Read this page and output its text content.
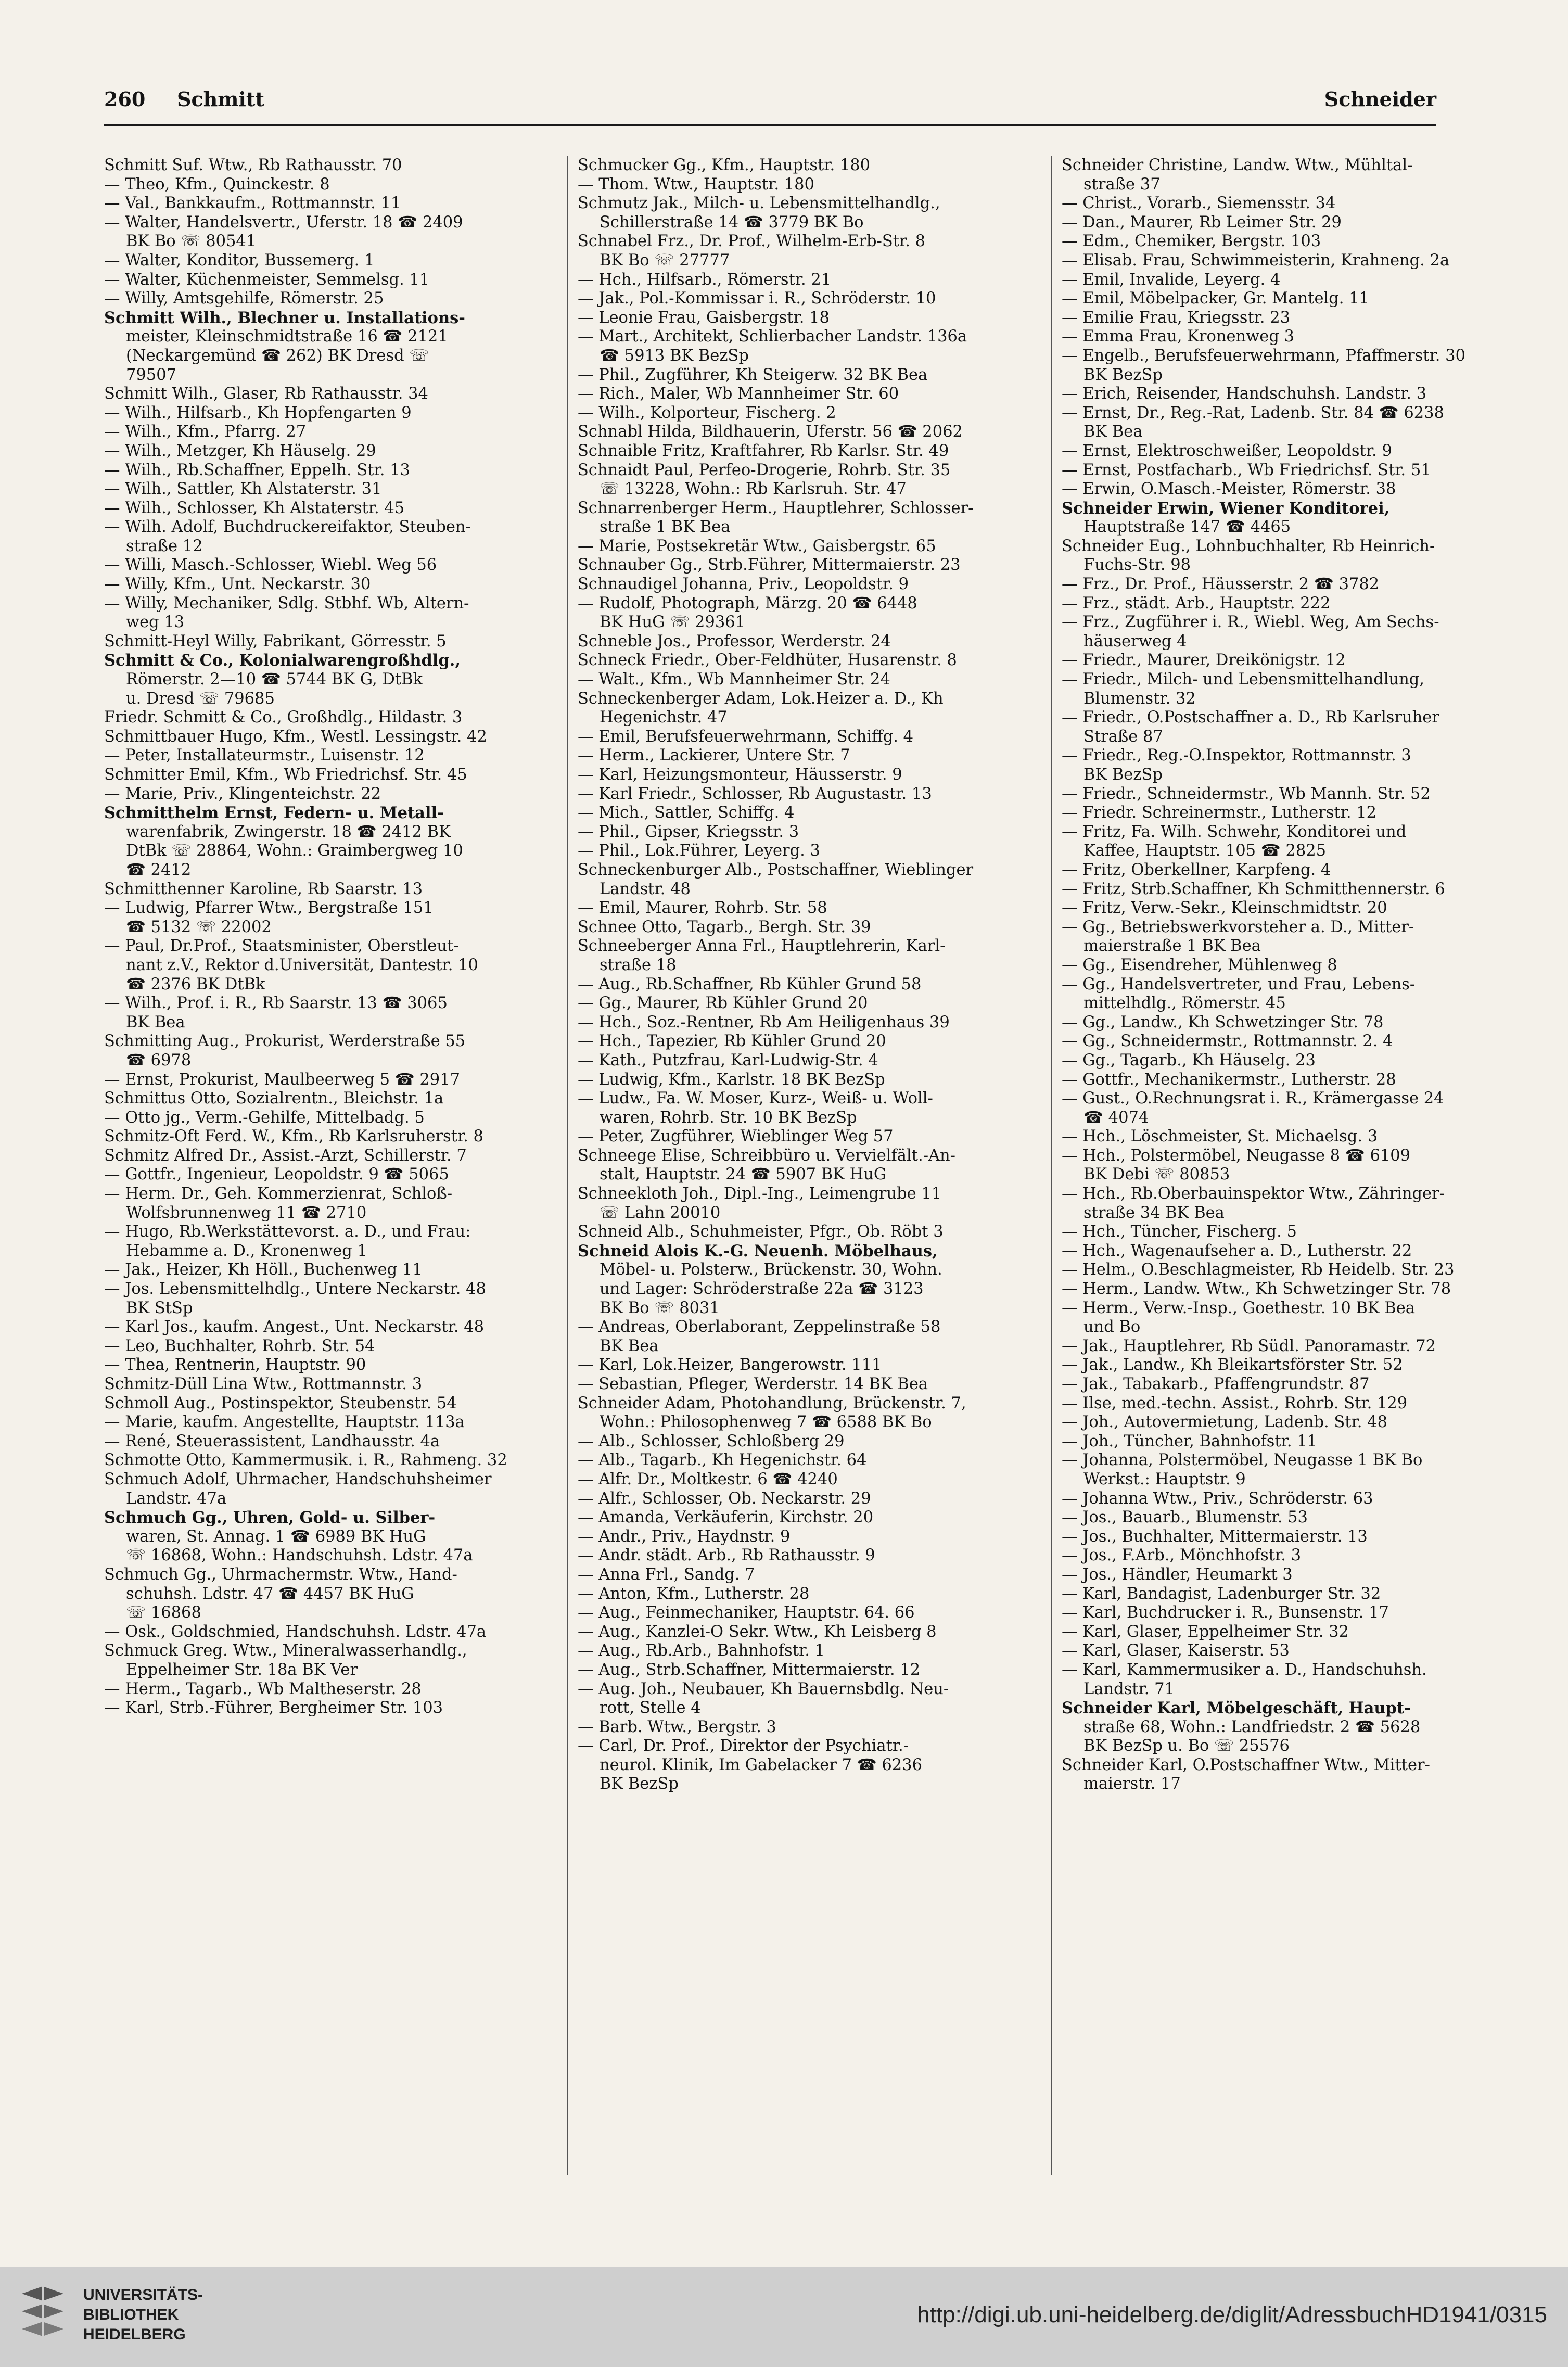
260 Schmitt	Schneider

Schmitt Suf. Wtw., Rb Rathausstr. 70

— Theo, Kfm., Quinckestr. 8

— Val., Bankkaufm., Rottmannstr. 11

— Walter, Handelsvertr., Uferstr. 18 ☎ 2409

BK Bo ☏ 80541

— Walter, Konditor, Bussemerg. 1

— Walter, Küchenmeister, Semmelsg. 11

— Willy, Amtsgehilfe, Römerstr. 25

Schmitt Wilh., Blechner u. Installations-

meister, Kleinschmidtstraße 16 ☎ 2121

(Neckargemünd ☎ 262) BK Dresd ☏

79507

Schmitt Wilh., Glaser, Rb Rathausstr. 34

— Wilh., Hilfsarb., Kh Hopfengarten 9

— Wilh., Kfm., Pfarrg. 27

— Wilh., Metzger, Kh Häuselg. 29

— Wilh., Rb.Schaffner, Eppelh. Str. 13

— Wilh., Sattler, Kh Alstaterstr. 31

— Wilh., Schlosser, Kh Alstaterstr. 45

— Wilh. Adolf, Buchdruckereifaktor, Steuben-

straße 12

— Willi, Masch.-Schlosser, Wiebl. Weg 56

— Willy, Kfm., Unt. Neckarstr. 30

— Willy, Mechaniker, Sdlg. Stbhf. Wb, Altern-

weg 13

Schmitt-Heyl Willy, Fabrikant, Görresstr. 5

Schmitt & Co., Kolonialwarengroßhdlg.,

Römerstr. 2—10 ☎ 5744 BK G, DtBk

u. Dresd ☏ 79685

Friedr. Schmitt & Co., Großhdlg., Hildastr. 3

Schmittbauer Hugo, Kfm., Westl. Lessingstr. 42

— Peter, Installateurmstr., Luisenstr. 12

Schmitter Emil, Kfm., Wb Friedrichsf. Str. 45

— Marie, Priv., Klingenteichstr. 22

Schmitthelm Ernst, Federn- u. Metall-

warenfabrik, Zwingerstr. 18 ☎ 2412 BK

DtBk ☏ 28864, Wohn.: Graimbergweg 10

☎ 2412

Schmitthenner Karoline, Rb Saarstr. 13

— Ludwig, Pfarrer Wtw., Bergstraße 151

☎ 5132 ☏ 22002

— Paul, Dr.Prof., Staatsminister, Oberstleut-

nant z.V., Rektor d.Universität, Dantestr. 10

☎ 2376 BK DtBk

— Wilh., Prof. i. R., Rb Saarstr. 13 ☎ 3065

BK Bea

Schmitting Aug., Prokurist, Werderstraße 55

☎ 6978

— Ernst, Prokurist, Maulbeerweg 5 ☎ 2917

Schmittus Otto, Sozialrentn., Bleichstr. 1a

— Otto jg., Verm.-Gehilfe, Mittelbadg. 5

Schmitz-Oft Ferd. W., Kfm., Rb Karlsruherstr. 8

Schmitz Alfred Dr., Assist.-Arzt, Schillerstr. 7

— Gottfr., Ingenieur, Leopoldstr. 9 ☎ 5065

— Herm. Dr., Geh. Kommerzienrat, Schloß-

Wolfsbrunnenweg 11 ☎ 2710

— Hugo, Rb.Werkstättevorst. a. D., und Frau:

Hebamme a. D., Kronenweg 1

— Jak., Heizer, Kh Höll., Buchenweg 11

— Jos. Lebensmittelhdlg., Untere Neckarstr. 48

BK StSp

— Karl Jos., kaufm. Angest., Unt. Neckarstr. 48

— Leo, Buchhalter, Rohrb. Str. 54

— Thea, Rentnerin, Hauptstr. 90

Schmitz-Düll Lina Wtw., Rottmannstr. 3

Schmoll Aug., Postinspektor, Steubenstr. 54

— Marie, kaufm. Angestellte, Hauptstr. 113a

— René, Steuerassistent, Landhausstr. 4a

Schmotte Otto, Kammermusik. i. R., Rahmeng. 32

Schmuch Adolf, Uhrmacher, Handschuhsheimer

Landstr. 47a

Schmuch Gg., Uhren, Gold- u. Silber-

waren, St. Annag. 1 ☎ 6989 BK HuG

☏ 16868, Wohn.: Handschuhsh. Ldstr. 47a

Schmuch Gg., Uhrmachermstr. Wtw., Hand-

schuhsh. Ldstr. 47 ☎ 4457 BK HuG

☏ 16868

— Osk., Goldschmied, Handschuhsh. Ldstr. 47a

Schmuck Greg. Wtw., Mineralwasserhandlg.,

Eppelheimer Str. 18a BK Ver

— Herm., Tagarb., Wb Maltheserstr. 28

— Karl, Strb.-Führer, Bergheimer Str. 103

Schmucker Gg., Kfm., Hauptstr. 180

— Thom. Wtw., Hauptstr. 180

Schmutz Jak., Milch- u. Lebensmittelhandlg.,

Schillerstraße 14 ☎ 3779 BK Bo

Schnabel Frz., Dr. Prof., Wilhelm-Erb-Str. 8

BK Bo ☏ 27777

— Hch., Hilfsarb., Römerstr. 21

— Jak., Pol.-Kommissar i. R., Schröderstr. 10

— Leonie Frau, Gaisbergstr. 18

— Mart., Architekt, Schlierbacher Landstr. 136a

☎ 5913 BK BezSp

— Phil., Zugführer, Kh Steigerw. 32 BK Bea

— Rich., Maler, Wb Mannheimer Str. 60

— Wilh., Kolporteur, Fischerg. 2

Schnabl Hilda, Bildhauerin, Uferstr. 56 ☎ 2062

Schnaible Fritz, Kraftfahrer, Rb Karlsr. Str. 49

Schnaidt Paul, Perfeo-Drogerie, Rohrb. Str. 35

☏ 13228, Wohn.: Rb Karlsruh. Str. 47

Schnarrenberger Herm., Hauptlehrer, Schlosser-

straße 1 BK Bea

— Marie, Postsekretär Wtw., Gaisbergstr. 65

Schnauber Gg., Strb.Führer, Mittermaierstr. 23

Schnaudigel Johanna, Priv., Leopoldstr. 9

— Rudolf, Photograph, Märzg. 20 ☎ 6448

BK HuG ☏ 29361

Schneble Jos., Professor, Werderstr. 24

Schneck Friedr., Ober-Feldhüter, Husarenstr. 8

— Walt., Kfm., Wb Mannheimer Str. 24

Schneckenberger Adam, Lok.Heizer a. D., Kh

Hegenichstr. 47

— Emil, Berufsfeuerwehrmann, Schiffg. 4

— Herm., Lackierer, Untere Str. 7

— Karl, Heizungsmonteur, Häusserstr. 9

— Karl Friedr., Schlosser, Rb Augustastr. 13

— Mich., Sattler, Schiffg. 4

— Phil., Gipser, Kriegsstr. 3

— Phil., Lok.Führer, Leyerg. 3

Schneckenburger Alb., Postschaffner, Wieblinger

Landstr. 48

— Emil, Maurer, Rohrb. Str. 58

Schnee Otto, Tagarb., Bergh. Str. 39

Schneeberger Anna Frl., Hauptlehrerin, Karl-

straße 18

— Aug., Rb.Schaffner, Rb Kühler Grund 58

— Gg., Maurer, Rb Kühler Grund 20

— Hch., Soz.-Rentner, Rb Am Heiligenhaus 39

— Hch., Tapezier, Rb Kühler Grund 20

— Kath., Putzfrau, Karl-Ludwig-Str. 4

— Ludwig, Kfm., Karlstr. 18 BK BezSp

— Ludw., Fa. W. Moser, Kurz-, Weiß- u. Woll-

waren, Rohrb. Str. 10 BK BezSp

— Peter, Zugführer, Wieblinger Weg 57

Schneege Elise, Schreibbüro u. Vervielfält.-An-

stalt, Hauptstr. 24 ☎ 5907 BK HuG

Schneekloth Joh., Dipl.-Ing., Leimengrube 11

☏ Lahn 20010

Schneid Alb., Schuhmeister, Pfgr., Ob. Röbt 3

Schneid Alois K.-G. Neuenh. Möbelhaus,

Möbel- u. Polsterw., Brückenstr. 30, Wohn.

und Lager: Schröderstraße 22a ☎ 3123

BK Bo ☏ 8031

— Andreas, Oberlaborant, Zeppelinstraße 58

BK Bea

— Karl, Lok.Heizer, Bangerowstr. 111

— Sebastian, Pfleger, Werderstr. 14 BK Bea

Schneider Adam, Photohandlung, Brückenstr. 7,

Wohn.: Philosophenweg 7 ☎ 6588 BK Bo

— Alb., Schlosser, Schloßberg 29

— Alb., Tagarb., Kh Hegenichstr. 64

— Alfr. Dr., Moltkestr. 6 ☎ 4240

— Alfr., Schlosser, Ob. Neckarstr. 29

— Amanda, Verkäuferin, Kirchstr. 20

— Andr., Priv., Haydnstr. 9

— Andr. städt. Arb., Rb Rathausstr. 9

— Anna Frl., Sandg. 7

— Anton, Kfm., Lutherstr. 28

— Aug., Feinmechaniker, Hauptstr. 64. 66

— Aug., Kanzlei-O Sekr. Wtw., Kh Leisberg 8

— Aug., Rb.Arb., Bahnhofstr. 1

— Aug., Strb.Schaffner, Mittermaierstr. 12

— Aug. Joh., Neubauer, Kh Bauernsbdlg. Neu-

rott, Stelle 4

— Barb. Wtw., Bergstr. 3

— Carl, Dr. Prof., Direktor der Psychiatr.-

neurol. Klinik, Im Gabelacker 7 ☎ 6236

BK BezSp

Schneider Christine, Landw. Wtw., Mühltal-

straße 37

— Christ., Vorarb., Siemensstr. 34

— Dan., Maurer, Rb Leimer Str. 29

— Edm., Chemiker, Bergstr. 103

— Elisab. Frau, Schwimmeisterin, Krahneng. 2a

— Emil, Invalide, Leyerg. 4

— Emil, Möbelpacker, Gr. Mantelg. 11

— Emilie Frau, Kriegsstr. 23

— Emma Frau, Kronenweg 3

— Engelb., Berufsfeuerwehrmann, Pfaffmerstr. 30

BK BezSp

— Erich, Reisender, Handschuhsh. Landstr. 3

— Ernst, Dr., Reg.-Rat, Ladenb. Str. 84 ☎ 6238

BK Bea

— Ernst, Elektroschweißer, Leopoldstr. 9

— Ernst, Postfacharb., Wb Friedrichsf. Str. 51

— Erwin, O.Masch.-Meister, Römerstr. 38

Schneider Erwin, Wiener Konditorei,

Hauptstraße 147 ☎ 4465

Schneider Eug., Lohnbuchhalter, Rb Heinrich-

Fuchs-Str. 98

— Frz., Dr. Prof., Häusserstr. 2 ☎ 3782

— Frz., städt. Arb., Hauptstr. 222

— Frz., Zugführer i. R., Wiebl. Weg, Am Sechs-

häuserweg 4

— Friedr., Maurer, Dreikönigstr. 12

— Friedr., Milch- und Lebensmittelhandlung,

Blumenstr. 32

— Friedr., O.Postschaffner a. D., Rb Karlsruher

Straße 87

— Friedr., Reg.-O.Inspektor, Rottmannstr. 3

BK BezSp

— Friedr., Schneidermstr., Wb Mannh. Str. 52

— Friedr. Schreinermstr., Lutherstr. 12

— Fritz, Fa. Wilh. Schwehr, Konditorei und

Kaffee, Hauptstr. 105 ☎ 2825

— Fritz, Oberkellner, Karpfeng. 4

— Fritz, Strb.Schaffner, Kh Schmitthennerstr. 6

— Fritz, Verw.-Sekr., Kleinschmidtstr. 20

— Gg., Betriebswerkvorsteher a. D., Mitter-

maierstraße 1 BK Bea

— Gg., Eisendreher, Mühlenweg 8

— Gg., Handelsvertreter, und Frau, Lebens-

mittelhdlg., Römerstr. 45

— Gg., Landw., Kh Schwetzinger Str. 78

— Gg., Schneidermstr., Rottmannstr. 2. 4

— Gg., Tagarb., Kh Häuselg. 23

— Gottfr., Mechanikermstr., Lutherstr. 28

— Gust., O.Rechnungsrat i. R., Krämergasse 24

☎ 4074

— Hch., Löschmeister, St. Michaelsg. 3

— Hch., Polstermöbel, Neugasse 8 ☎ 6109

BK Debi ☏ 80853

— Hch., Rb.Oberbauinspektor Wtw., Zähringer-

straße 34 BK Bea

— Hch., Tüncher, Fischerg. 5

— Hch., Wagenaufseher a. D., Lutherstr. 22

— Helm., O.Beschlagmeister, Rb Heidelb. Str. 23

— Herm., Landw. Wtw., Kh Schwetzinger Str. 78

— Herm., Verw.-Insp., Goethestr. 10 BK Bea

und Bo

— Jak., Hauptlehrer, Rb Südl. Panoramastr. 72

— Jak., Landw., Kh Bleikartsförster Str. 52

— Jak., Tabakarb., Pfaffengrundstr. 87

— Ilse, med.-techn. Assist., Rohrb. Str. 129

— Joh., Autovermietung, Ladenb. Str. 48

— Joh., Tüncher, Bahnhofstr. 11

— Johanna, Polstermöbel, Neugasse 1 BK Bo

Werkst.: Hauptstr. 9

— Johanna Wtw., Priv., Schröderstr. 63

— Jos., Bauarb., Blumenstr. 53

— Jos., Buchhalter, Mittermaierstr. 13

— Jos., F.Arb., Mönchhofstr. 3

— Jos., Händler, Heumarkt 3

— Karl, Bandagist, Ladenburger Str. 32

— Karl, Buchdrucker i. R., Bunsenstr. 17

— Karl, Glaser, Eppelheimer Str. 32

— Karl, Glaser, Kaiserstr. 53

— Karl, Kammermusiker a. D., Handschuhsh.

Landstr. 71

Schneider Karl, Möbelgeschäft, Haupt-

straße 68, Wohn.: Landfriedstr. 2 ☎ 5628

BK BezSp u. Bo ☏ 25576

Schneider Karl, O.Postschaffner Wtw., Mitter-

maierstr. 17

UNIVERSITÄTS-
BIBLIOTHEK
HEIDELBERG
http://digi.ub.uni-heidelberg.de/diglit/AdressbuchHD1941/0315
